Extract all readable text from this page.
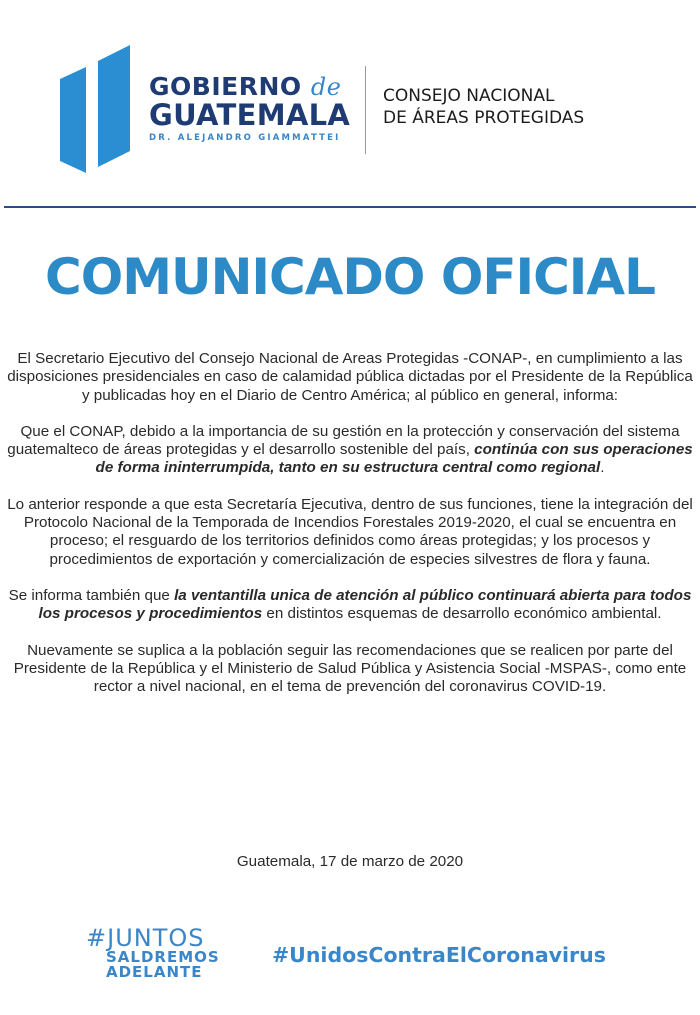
GOBIERNO de
GUATEMALA
DR. ALEJANDRO GIAMMATTEI
CONSEJO NACIONAL
DE ÁREAS PROTEGIDAS
COMUNICADO OFICIAL

El Secretario Ejecutivo del Consejo Nacional de Areas Protegidas -CONAP-, en cumplimiento a las disposiciones presidenciales en caso de calamidad pública dictadas por el Presidente de la República y publicadas hoy en el Diario de Centro América; al público en general, informa:

Que el CONAP, debido a la importancia de su gestión en la protección y conservación del sistema guatemalteco de áreas protegidas y el desarrollo sostenible del país, continúa con sus operaciones de forma ininterrumpida, tanto en su estructura central como regional.

Lo anterior responde a que esta Secretaría Ejecutiva, dentro de sus funciones, tiene la integración del Protocolo Nacional de la Temporada de Incendios Forestales 2019-2020, el cual se encuentra en proceso; el resguardo de los territorios definidos como áreas protegidas; y los procesos y procedimientos de exportación y comercialización de especies silvestres de flora y fauna.

Se informa también que la ventantilla unica de atención al público continuará abierta para todos los procesos y procedimientos en distintos esquemas de desarrollo económico ambiental.

Nuevamente se suplica a la población seguir las recomendaciones que se realicen por parte del Presidente de la República y el Ministerio de Salud Pública y Asistencia Social -MSPAS-, como ente rector a nivel nacional, en el tema de prevención del coronavirus COVID-19.

Guatemala, 17 de marzo de 2020
#JUNTOS
SALDREMOS
ADELANTE
#UnidosContraElCoronavirus
